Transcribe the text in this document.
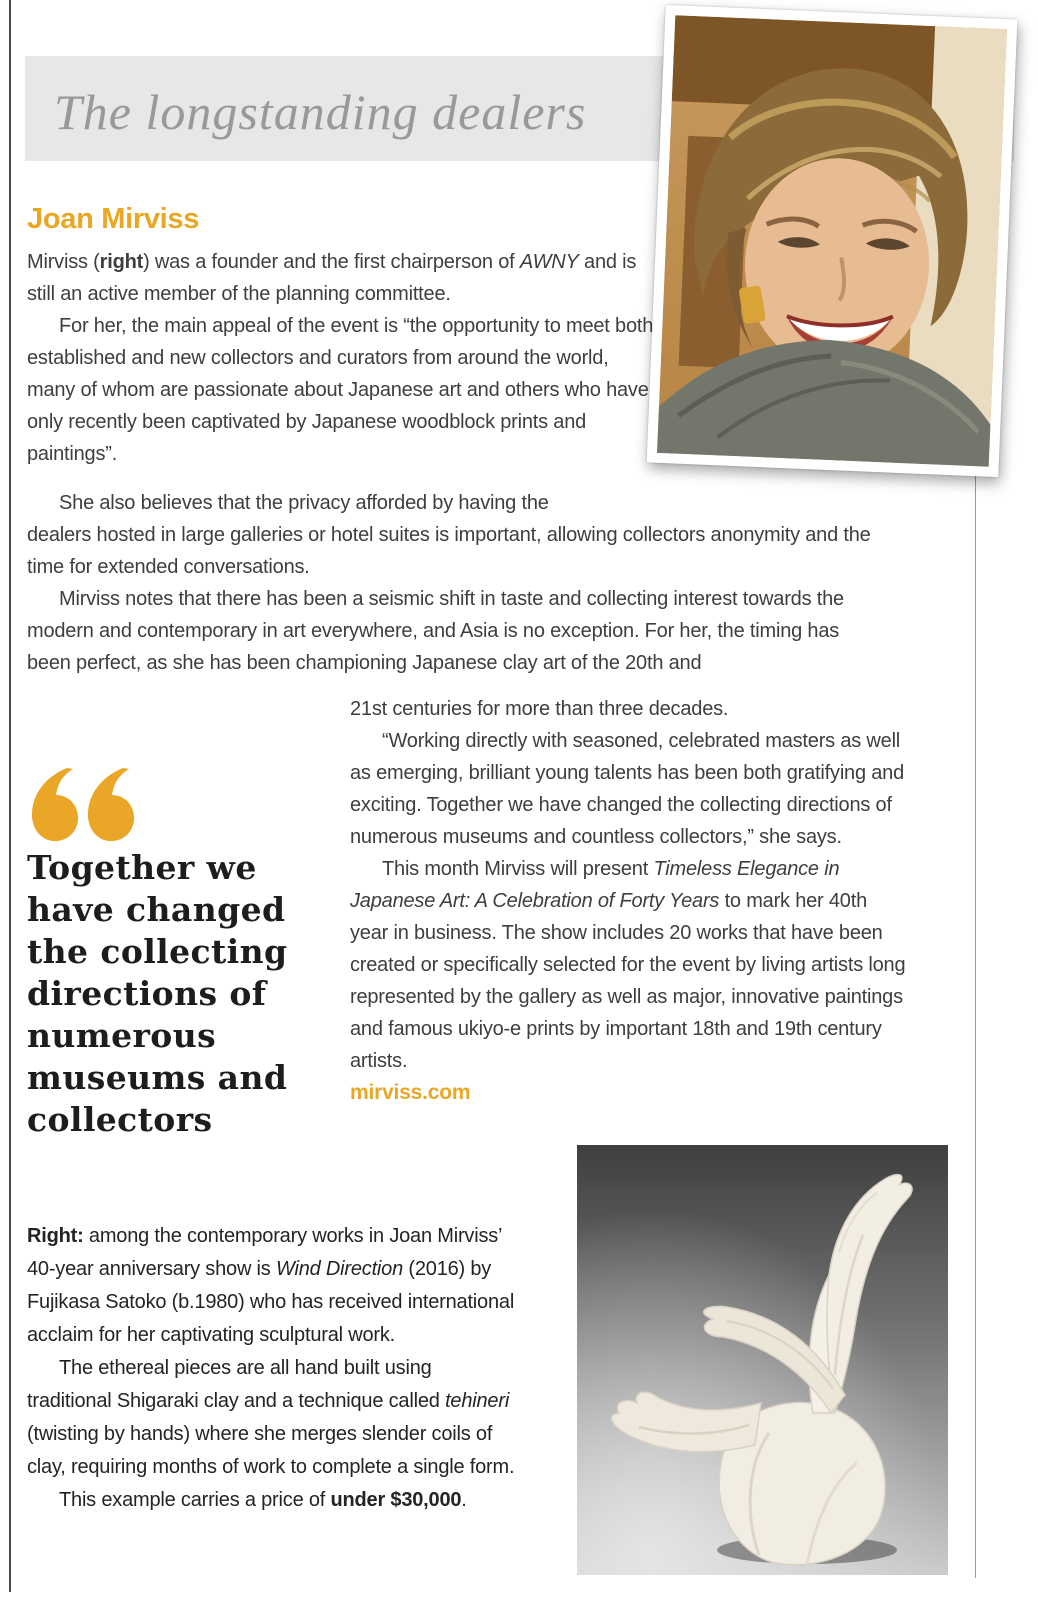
The longstanding dealers
Joan Mirviss

Mirviss (right) was a founder and the first chairperson of AWNY and is still an active member of the planning committee.

For her, the main appeal of the event is “the opportunity to meet both established and new collectors and curators from around the world, many of whom are passionate about Japanese art and others who have only recently been captivated by Japanese woodblock prints and paintings”.

She also believes that the privacy afforded by having the dealers hosted in large galleries or hotel suites is important, allowing collectors anonymity and the time for extended conversations.

Mirviss notes that there has been a seismic shift in taste and collecting interest towards the modern and contemporary in art everywhere, and Asia is no exception. For her, the timing has been perfect, as she has been championing Japanese clay art of the 20th and

21st centuries for more than three decades.

“Working directly with seasoned, celebrated masters as well as emerging, brilliant young talents has been both gratifying and exciting. Together we have changed the collecting directions of numerous museums and countless collectors,” she says.

This month Mirviss will present Timeless Elegance in Japanese Art: A Celebration of Forty Years to mark her 40th year in business. The show includes 20 works that have been created or specifically selected for the event by living artists long represented by the gallery as well as major, innovative paintings and famous ukiyo-e prints by important 18th and 19th century artists.

mirviss.com
Together we have changed the collecting directions of numerous museums and collectors

Right: among the contemporary works in Joan Mirviss’ 40-year anniversary show is Wind Direction (2016) by Fujikasa Satoko (b.1980) who has received international acclaim for her captivating sculptural work.

The ethereal pieces are all hand built using traditional Shigaraki clay and a technique called tehineri (twisting by hands) where she merges slender coils of clay, requiring months of work to complete a single form.

This example carries a price of under $30,000.
